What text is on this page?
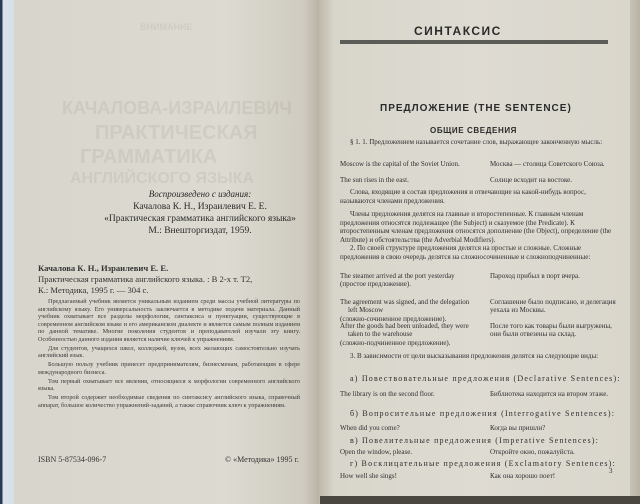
ВНИМАНИЕ
КАЧАЛОВА-ИЗРАИЛЕВИЧ
ПРАКТИЧЕСКАЯ
ГРАММАТИКА
АНГЛИЙСКОГО ЯЗЫКА
Воспроизведено с издания:
Качалова К. Н., Израилевич Е. Е.
«Практическая грамматика английского языка»
М.: Внешторгиздат, 1959.
Качалова К. Н., Израилевич Е. Е.
Практическая грамматика английского языка. : В 2-х т. Т2,
К.: Методика, 1995 г. — 304 с.

Предлагаемый учебник является уникальным изданием среди массы учебной литературы по английскому языку. Его универсальность заключается в методике подачи материала. Данный учебник охватывает все разделы морфологии, синтаксиса и пунктуации, существующие в современном английском языке и его американском диалекте и является самым полным изданием по данной тематике. Многие поколения студентов и преподавателей изучали эту книгу. Особенностью данного издания является наличие ключей к упражнениям.

Для студентов, учащихся школ, колледжей, вузов, всех желающих самостоятельно изучать английский язык.

Большую пользу учебник принесет предпринимателям, бизнесменам, работающим в сфере международного бизнеса.

Том первый охватывает все явления, относящиеся к морфологии современного английского языка.

Том второй содержит необходимые сведения по синтаксису английского языка, справочный аппарат, большое количество упражнений-заданий, а также справочник ключ к упражнениям.

ISBN 5-87534-096-7	© «Методика» 1995 г.
СИНТАКСИС
ПРЕДЛОЖЕНИЕ (THE SENTENCE)
ОБЩИЕ СВЕДЕНИЯ
§ 1. 1. Предложением называется сочетание слов, выражающее законченную мысль:
Moscow is the capital of the Soviet Union.	Москва — столица Советского Союза.
The sun rises in the east.	Солнце всходит на востоке.
Слова, входящие в состав предложения и отвечающие на какой-нибудь вопрос, называются членами предложения.
Члены предложения делятся на главные и второстепенные. К главным членам предложения относятся подлежащее (the Subject) и сказуемое (the Predicate). К второстепенным членам предложения относятся дополнение (the Object), определение (the Attribute) и обстоятельства (the Adverbial Modifiers).
2. По своей структуре предложения делятся на простые и сложные. Сложные предложения в свою очередь делятся на сложносочиненные и сложноподчиненные:
The steamer arrived at the port yesterday
(простое предложение).
Пароход прибыл в порт вчера.
The agreement was signed, and the delegation left Moscow
(сложно-сочиненное предложение).
Соглашение было подписано, и делегация уехала из Москвы.
After the goods had been unloaded, they were taken to the warehouse
(сложно-подчиненное предложение).
После того как товары были выгружены, они были отвезены на склад.
3. В зависимости от цели высказывания предложения делятся на следующие виды:
а) Повествовательные предложения (Declarative Sentences):
The library is on the second floor.	Библиотека находится на втором этаже.
б) Вопросительные предложения (Interrogative Sentences):
When did you come?	Когда вы пришли?
в) Повелительные предложения (Imperative Sentences):
Open the window, please.	Откройте окно, пожалуйста.
г) Восклицательные предложения (Exclamatory Sentences):
How well she sings!	Как она хорошо поет!
3
